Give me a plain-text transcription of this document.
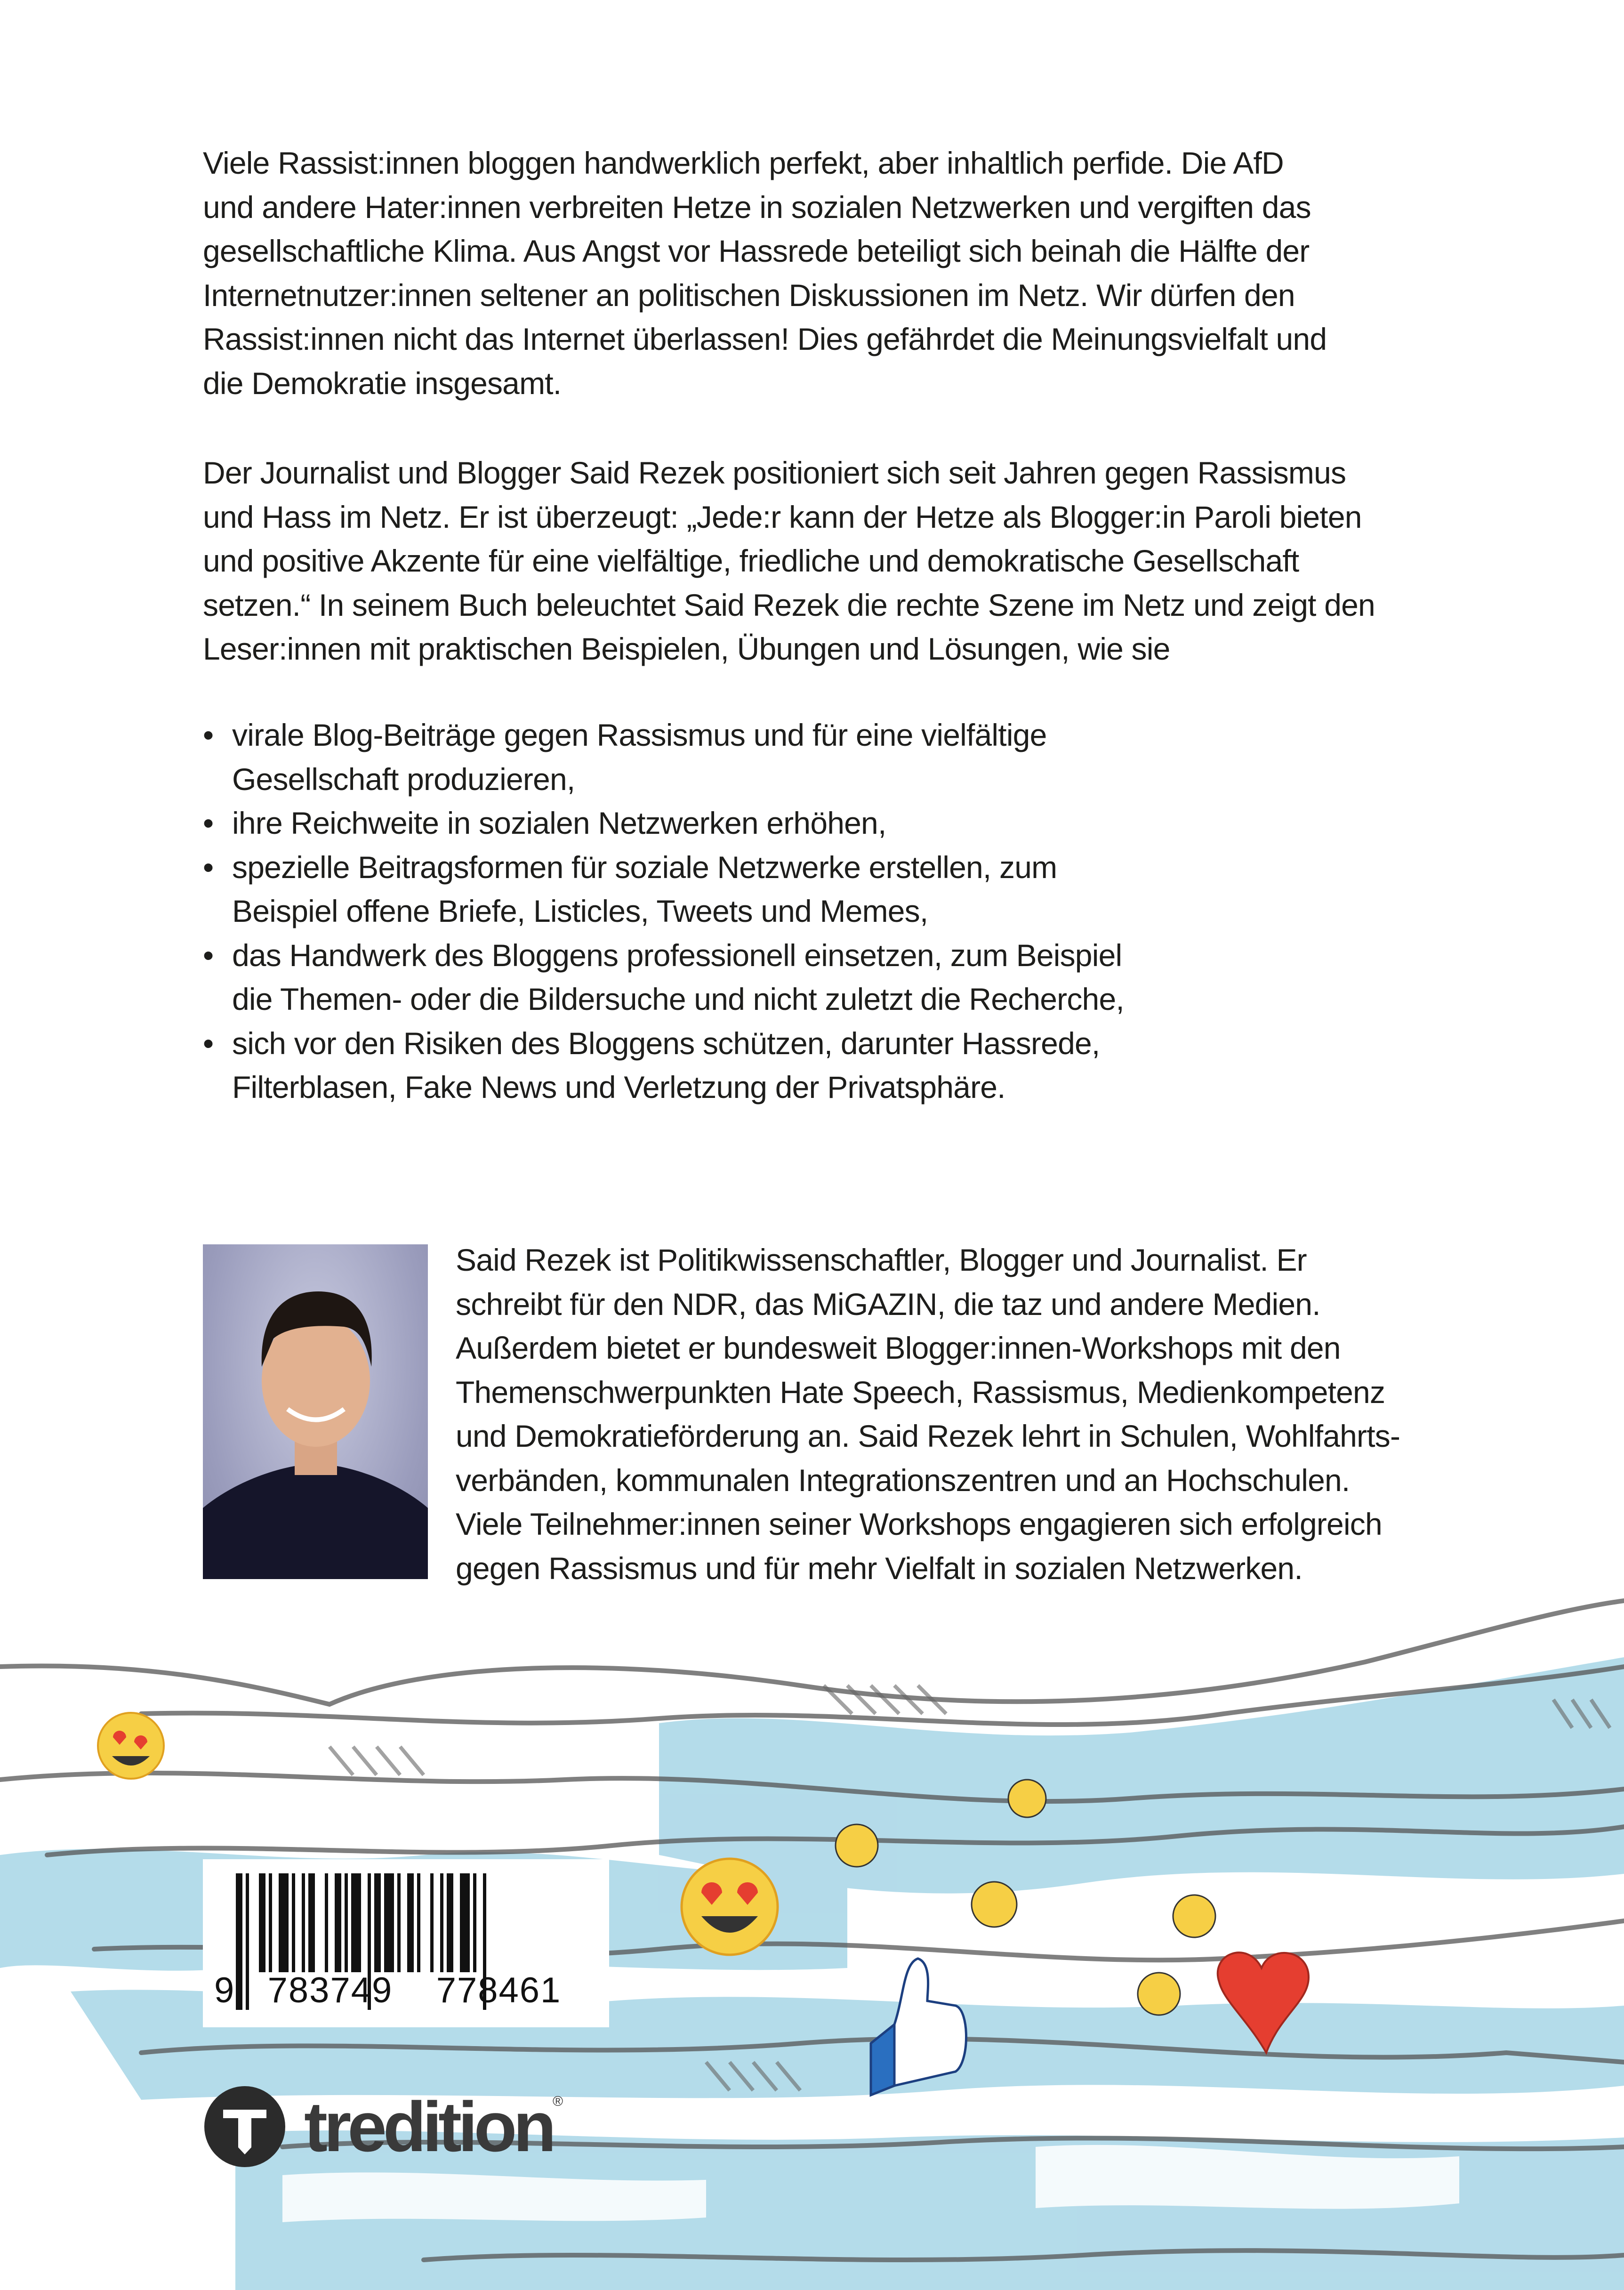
Viele Rassist:innen bloggen handwerklich perfekt, aber inhaltlich perfide. Die AfD
und andere Hater:innen verbreiten Hetze in sozialen Netzwerken und vergiften das
gesellschaftliche Klima. Aus Angst vor Hassrede beteiligt sich beinah die Hälfte der
Internetnutzer:innen seltener an politischen Diskussionen im Netz. Wir dürfen den
Rassist:innen nicht das Internet überlassen! Dies gefährdet die Meinungsvielfalt und
die Demokratie insgesamt.
Der Journalist und Blogger Said Rezek positioniert sich seit Jahren gegen Rassismus
und Hass im Netz. Er ist überzeugt: „Jede:r kann der Hetze als Blogger:in Paroli bieten
und positive Akzente für eine vielfältige, friedliche und demokratische Gesellschaft
setzen.“ In seinem Buch beleuchtet Said Rezek die rechte Szene im Netz und zeigt den
Leser:innen mit praktischen Beispielen, Übungen und Lösungen, wie sie
• virale Blog-Beiträge gegen Rassismus und für eine vielfältige
Gesellschaft produzieren,
• ihre Reichweite in sozialen Netzwerken erhöhen,
• spezielle Beitragsformen für soziale Netzwerke erstellen, zum
Beispiel offene Briefe, Listicles, Tweets und Memes,
• das Handwerk des Bloggens professionell einsetzen, zum Beispiel
die Themen- oder die Bildersuche und nicht zuletzt die Recherche,
• sich vor den Risiken des Bloggens schützen, darunter Hassrede,
Filterblasen, Fake News und Verletzung der Privatsphäre.
Said Rezek ist Politikwissenschaftler, Blogger und Journalist. Er
schreibt für den NDR, das MiGAZIN, die taz und andere Medien.
Außerdem bietet er bundesweit Blogger:innen-Workshops mit den
Themenschwerpunkten Hate Speech, Rassismus, Medienkompetenz
und Demokratieförderung an. Said Rezek lehrt in Schulen, Wohlfahrts-
verbänden, kommunalen Integrationszentren und an Hochschulen.
Viele Teilnehmer:innen seiner Workshops engagieren sich erfolgreich
gegen Rassismus und für mehr Vielfalt in sozialen Netzwerken.
9 783749 778461
tredition ®
